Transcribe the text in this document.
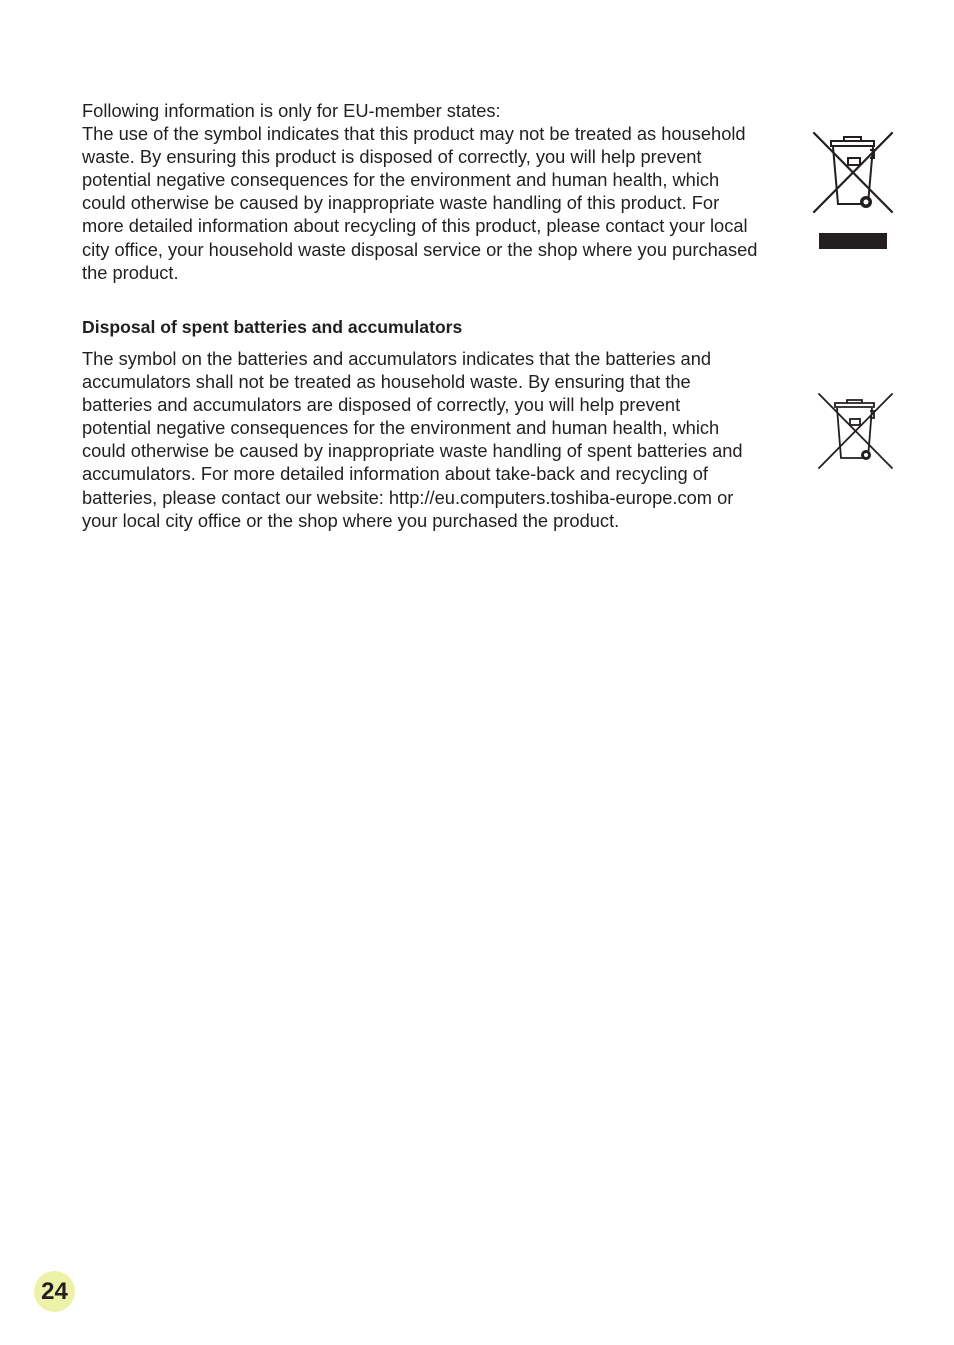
Following information is only for EU-member states:
The use of the symbol indicates that this product may not be treated as household
waste. By ensuring this product is disposed of correctly, you will help prevent
potential negative consequences for the environment and human health, which
could otherwise be caused by inappropriate waste handling of this product. For
more detailed information about recycling of this product, please contact your local
city office, your household waste disposal service or the shop where you purchased
the product.
Disposal of spent batteries and accumulators
The symbol on the batteries and accumulators indicates that the batteries and
accumulators shall not be treated as household waste. By ensuring that the
batteries and accumulators are disposed of correctly, you will help prevent
potential negative consequences for the environment and human health, which
could otherwise be caused by inappropriate waste handling of spent batteries and
accumulators. For more detailed information about take-back and recycling of
batteries, please contact our website: http://eu.computers.toshiba-europe.com or
your local city office or the shop where you purchased the product.
24
